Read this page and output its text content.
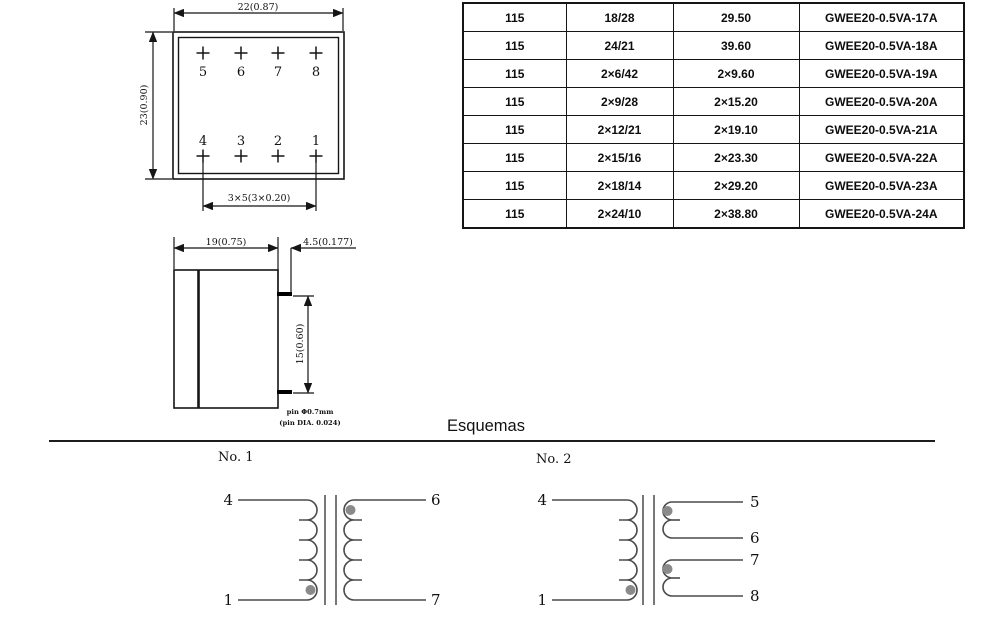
115	18/28	29.50	GWEE20-0.5VA-17A
115	24/21	39.60	GWEE20-0.5VA-18A
115	2×6/42	2×9.60	GWEE20-0.5VA-19A
115	2×9/28	2×15.20	GWEE20-0.5VA-20A
115	2×12/21	2×19.10	GWEE20-0.5VA-21A
115	2×15/16	2×23.30	GWEE20-0.5VA-22A
115	2×18/14	2×29.20	GWEE20-0.5VA-23A
115	2×24/10	2×38.80	GWEE20-0.5VA-24A
22(0.87)
23(0.90)
3×5(3×0.20)
5 6 7 8
4 3 2 1
19(0.75)	4.5(0.177)
15(0.60)
pin Φ0.7mm
(pin DIA. 0.024)	Esquemas
No. 1	No. 2
4
1
6
7
4
1
5
6
7
8
